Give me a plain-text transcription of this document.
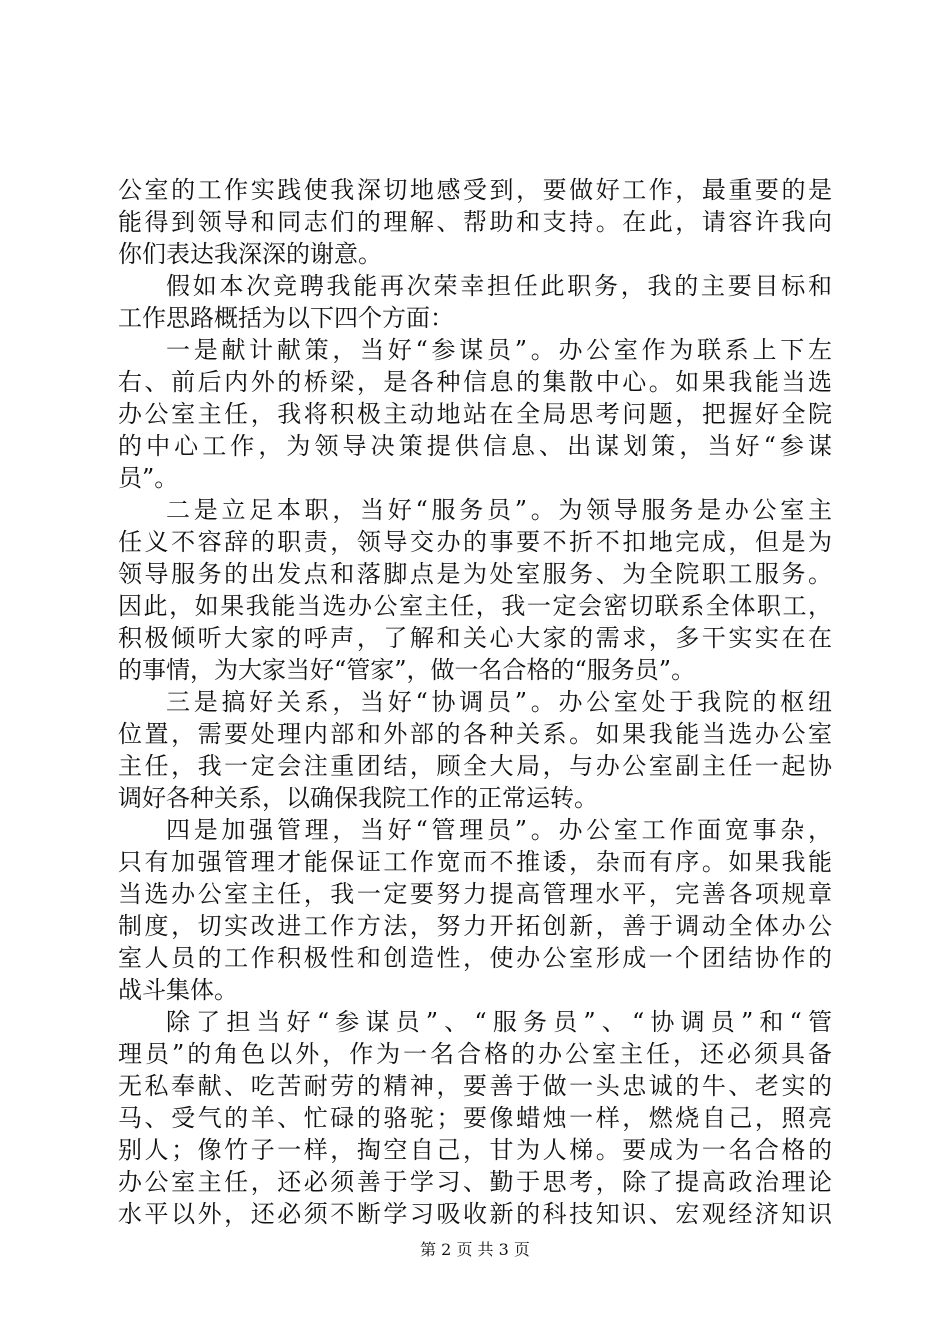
公室的工作实践使我深切地感受到，要做好工作，最重要的是
能得到领导和同志们的理解、帮助和支持。在此，请容许我向
你们表达我深深的谢意。
假如本次竞聘我能再次荣幸担任此职务，我的主要目标和
工作思路概括为以下四个方面：
一是献计献策，当好“参谋员”。办公室作为联系上下左
右、前后内外的桥梁，是各种信息的集散中心。如果我能当选
办公室主任，我将积极主动地站在全局思考问题，把握好全院
的中心工作，为领导决策提供信息、出谋划策，当好“参谋
员”。
二是立足本职，当好“服务员”。为领导服务是办公室主
任义不容辞的职责，领导交办的事要不折不扣地完成，但是为
领导服务的出发点和落脚点是为处室服务、为全院职工服务。
因此，如果我能当选办公室主任，我一定会密切联系全体职工，
积极倾听大家的呼声，了解和关心大家的需求，多干实实在在
的事情，为大家当好“管家”，做一名合格的“服务员”。
三是搞好关系，当好“协调员”。办公室处于我院的枢纽
位置，需要处理内部和外部的各种关系。如果我能当选办公室
主任，我一定会注重团结，顾全大局，与办公室副主任一起协
调好各种关系，以确保我院工作的正常运转。
四是加强管理，当好“管理员”。办公室工作面宽事杂，
只有加强管理才能保证工作宽而不推诿，杂而有序。如果我能
当选办公室主任，我一定要努力提高管理水平，完善各项规章
制度，切实改进工作方法，努力开拓创新，善于调动全体办公
室人员的工作积极性和创造性，使办公室形成一个团结协作的
战斗集体。
除了担当好“参谋员”、“服务员”、“协调员”和“管
理员”的角色以外，作为一名合格的办公室主任，还必须具备
无私奉献、吃苦耐劳的精神，要善于做一头忠诚的牛、老实的
马、受气的羊、忙碌的骆驼；要像蜡烛一样，燃烧自己，照亮
别人；像竹子一样，掏空自己，甘为人梯。要成为一名合格的
办公室主任，还必须善于学习、勤于思考，除了提高政治理论
水平以外，还必须不断学习吸收新的科技知识、宏观经济知识
第 2 页 共 3 页
